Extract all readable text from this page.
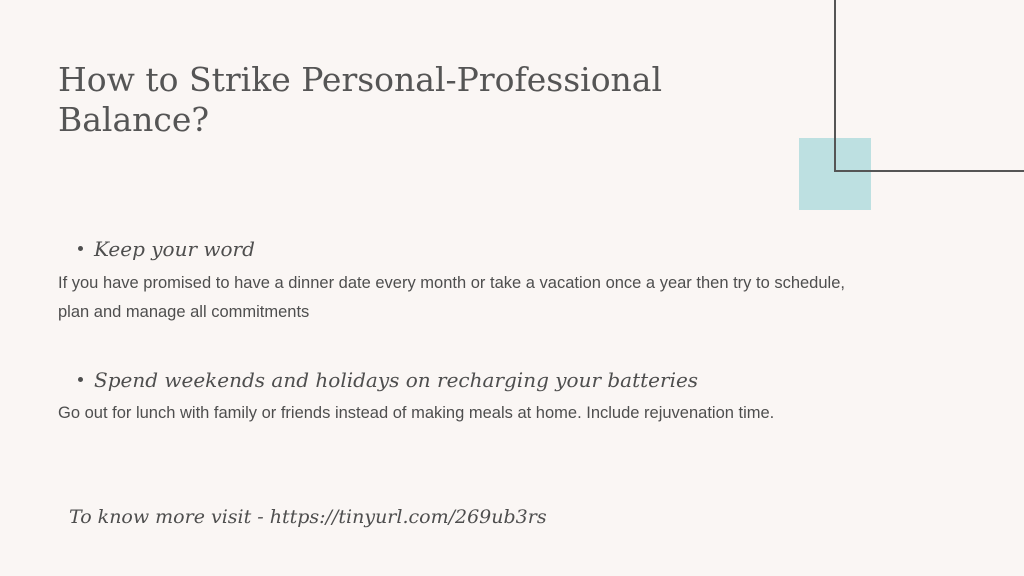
How to Strike Personal-Professional Balance?

Keep your word

If you have promised to have a dinner date every month or take a vacation once a year then try to schedule, plan and manage all commitments

Spend weekends and holidays on recharging your batteries

Go out for lunch with family or friends instead of making meals at home. Include rejuvenation time.

To know more visit - https://tinyurl.com/269ub3rs
